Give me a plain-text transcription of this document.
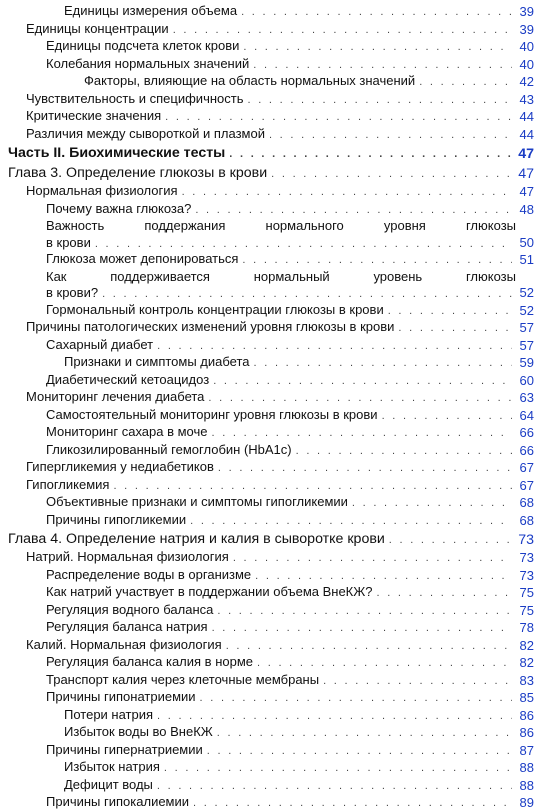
Единицы измерения объема . . .	39
Единицы концентрации . . .	39
Единицы подсчета клеток крови . . .	40
Колебания нормальных значений . . .	40
Факторы, влияющие на область нормальных значений . . .	42
Чувствительность и специфичность . . .	43
Критические значения . . .	44
Различия между сывороткой и плазмой . . .	44
Часть II. Биохимические тесты . . .	47
Глава 3. Определение глюкозы в крови . . .	47
Нормальная физиология . . .	47
Почему важна глюкоза? . . .	48
Важность поддержания нормального уровня глюкозы
в крови . . .	50
Глюкоза может депонироваться . . .	51
Как поддерживается нормальный уровень глюкозы
в крови? . . .	52
Гормональный контроль концентрации глюкозы в крови . . .	52
Причины патологических изменений уровня глюкозы в крови . . .	57
Сахарный диабет . . .	57
Признаки и симптомы диабета . . .	59
Диабетический кетоацидоз . . .	60
Мониторинг лечения диабета . . .	63
Самостоятельный мониторинг уровня глюкозы в крови . . .	64
Мониторинг сахара в моче . . .	66
Гликозилированный гемоглобин (HbA1c) . . .	66
Гипергликемия у недиабетиков . . .	67
Гипогликемия . . .	67
Объективные признаки и симптомы гипогликемии . . .	68
Причины гипогликемии . . .	68
Глава 4. Определение натрия и калия в сыворотке крови . . .	73
Натрий. Нормальная физиология . . .	73
Распределение воды в организме . . .	73
Как натрий участвует в поддержании объема ВнеКЖ? . . .	75
Регуляция водного баланса . . .	75
Регуляция баланса натрия . . .	78
Калий. Нормальная физиология . . .	82
Регуляция баланса калия в норме . . .	82
Транспорт калия через клеточные мембраны . . .	83
Причины гипонатриемии . . .	85
Потери натрия . . .	86
Избыток воды во ВнеКЖ . . .	86
Причины гипернатриемии . . .	87
Избыток натрия . . .	88
Дефицит воды . . .	88
Причины гипокалиемии . . .	89
